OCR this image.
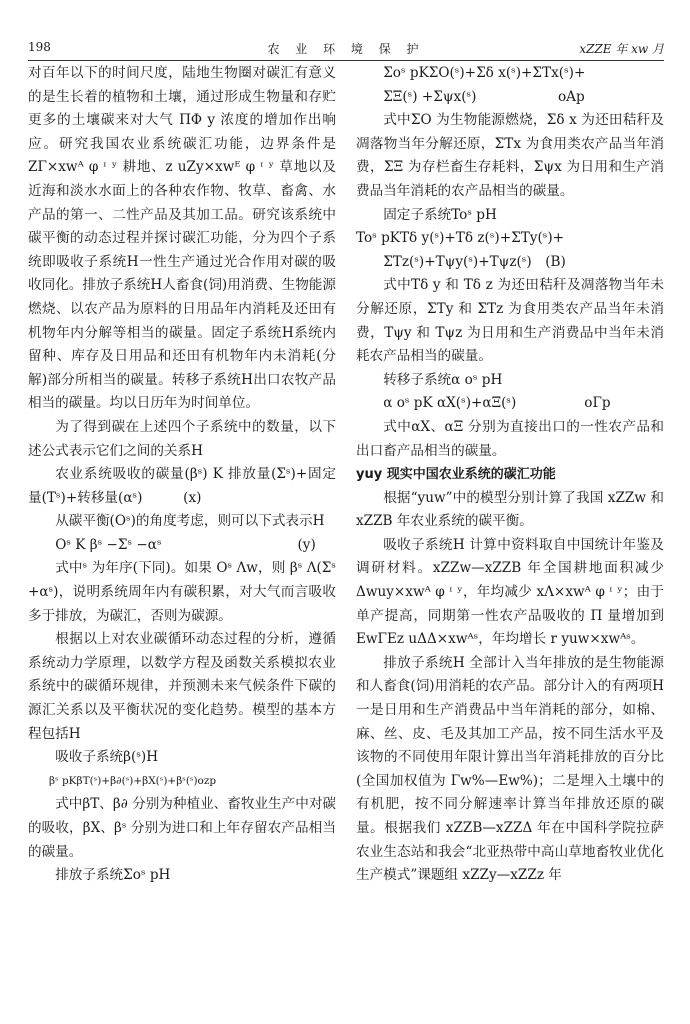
198	农 业 环 境 保 护	xZZE 年 xw 月

对百年以下的时间尺度，陆地生物圈对碳汇有意义的是生长着的植物和土壤，通过形成生物量和存贮更多的土壤碳来对大气 ΠΦ y 浓度的增加作出响应。研究我国农业系统碳汇功能，边界条件是 ZΓ×xwᴬ φ ᶦ ʸ 耕地、z uZy×xwᴱ φ ᶦ ʸ 草地以及近海和淡水水面上的各种农作物、牧草、畜禽、水产品的第一、二性产品及其加工品。研究该系统中碳平衡的动态过程并探讨碳汇功能，分为四个子系统即吸收子系统H一性生产通过光合作用对碳的吸收同化。排放子系统H人畜食(饲)用消费、生物能源燃烧、以农产品为原料的日用品年内消耗及还田有机物年内分解等相当的碳量。固定子系统H系统内留种、库存及日用品和还田有机物年内未消耗(分解)部分所相当的碳量。转移子系统H出口农牧产品相当的碳量。均以日历年为时间单位。

为了得到碳在上述四个子系统中的数量，以下述公式表示它们之间的关系H

农业系统吸收的碳量(βˢ) K 排放量(Σˢ)+固定量(Tˢ)+转移量(αˢ)　　　(x)

从碳平衡(Oˢ)的角度考虑，则可以下式表示H

Oˢ K βˢ −Σˢ −αˢ　　　　　　　　　　(y)

式中ˢ 为年序(下同)。如果 Oˢ Λw，则 βˢ Λ(Σˢ +αˢ)，说明系统周年内有碳积累，对大气而言吸收多于排放，为碳汇，否则为碳源。

根据以上对农业碳循环动态过程的分析，遵循系统动力学原理，以数学方程及函数关系模拟农业系统中的碳循环规律，并预测未来气候条件下碳的源汇关系以及平衡状况的变化趋势。模型的基本方程包括H

吸收子系统β(ˢ)H

βˢ pKβT(ˢ)+β∂(ˢ)+βX(ˢ)+βˢ(ˢ)ozp

式中βT、β∂ 分别为种植业、畜牧业生产中对碳的吸收，βX、βˢ 分别为进口和上年存留农产品相当的碳量。

排放子系统Σoˢ pH

Σoˢ pKΣO(ˢ)+Σδ x(ˢ)+ΣTx(ˢ)+

ΣΞ(ˢ) +Σψx(ˢ)　　　　　　oAp

式中ΣO 为生物能源燃烧，Σδ x 为还田秸秆及凋落物当年分解还原，ΣTx 为食用类农产品当年消费，ΣΞ 为存栏畜生存耗料，Σψx 为日用和生产消费品当年消耗的农产品相当的碳量。

固定子系统Toˢ pH

Toˢ pKTδ y(ˢ)+Tδ z(ˢ)+ΣTy(ˢ)+

ΣTz(ˢ)+Tψy(ˢ)+Tψz(ˢ)　(B)

式中Tδ y 和 Tδ z 为还田秸秆及凋落物当年未分解还原，ΣTy 和 ΣTz 为食用类农产品当年未消费，Tψy 和 Tψz 为日用和生产消费品中当年未消耗农产品相当的碳量。

转移子系统α oˢ pH

α oˢ pK αX(ˢ)+αΞ(ˢ)　　　　　oΓp

式中αX、αΞ 分别为直接出口的一性农产品和出口畜产品相当的碳量。

yuy 现实中国农业系统的碳汇功能

根据“yuᴡ”中的模型分别计算了我国 xZZw 和 xZZB 年农业系统的碳平衡。

吸收子系统H 计算中资料取自中国统计年鉴及调研材料。xZZw—xZZB 年全国耕地面积减少 Δwuy×xwᴬ φ ᶦ ʸ，年均减少 xΛ×xwᴬ φ ᶦ ʸ；由于单产提高，同期第一性农产品吸收的 Π 量增加到 EwΓEz uΔΔ×xwᴬˢ，年均增长 r yuw×xwᴬˢ。

排放子系统H 全部计入当年排放的是生物能源和人畜食(饲)用消耗的农产品。部分计入的有两项H一是日用和生产消费品中当年消耗的部分，如棉、麻、丝、皮、毛及其加工产品，按不同生活水平及该物的不同使用年限计算出当年消耗排放的百分比(全国加权值为 Γw%—Ew%)；二是埋入土壤中的有机肥，按不同分解速率计算当年排放还原的碳量。根据我们 xZZB—xZZΔ 年在中国科学院拉萨农业生态站和我会“北亚热带中高山草地畜牧业优化生产模式”课题组 xZZy—xZZz 年
